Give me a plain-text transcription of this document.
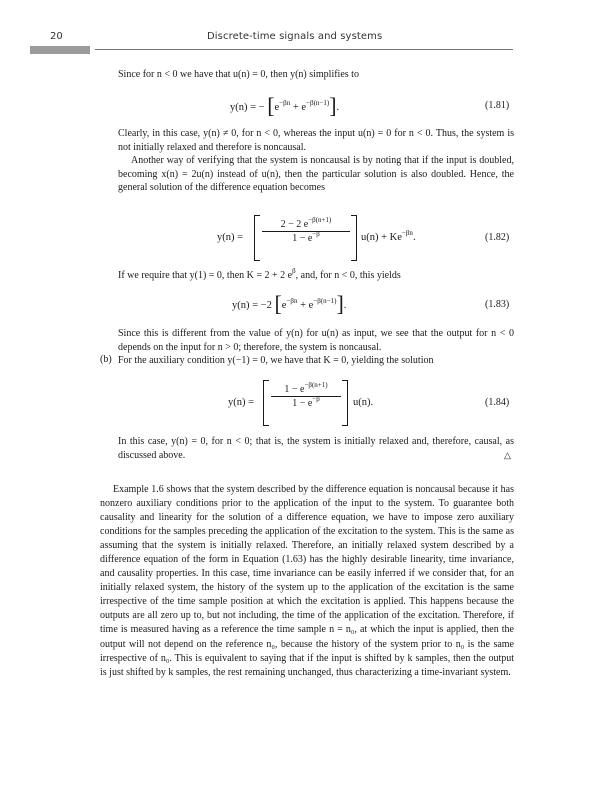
20	Discrete-time signals and systems

Since for n < 0 we have that u(n) = 0, then y(n) simplifies to

y(n) = − $[e^{-\beta n} + e^{-\beta(n-1)}]$.	(1.81)

Clearly, in this case, y(n) ≠ 0, for n < 0, whereas the input u(n) = 0 for n < 0. Thus, the system is not initially relaxed and therefore is noncausal.

Another way of verifying that the system is noncausal is by noting that if the input is doubled, becoming x(n) = 2u(n) instead of u(n), then the particular solution is also doubled. Hence, the general solution of the difference equation becomes

$y(n) = \frac{2 - 2 e^{-\beta(n+1)}}{1 - e^{-\beta}} u(n) + Ke^{-\beta n}$.	(1.82)

If we require that y(1) = 0, then K = 2 + 2 $e^\beta$, and, for n < 0, this yields

y(n) = −2 $[e^{-\beta n} + e^{-\beta(n-1)}]$.	(1.83)

Since this is different from the value of y(n) for u(n) as input, we see that the output for n < 0 depends on the input for n > 0; therefore, the system is noncausal.

(b) For the auxiliary condition y(−1) = 0, we have that K = 0, yielding the solution

$y(n) = \frac{1 - e^{-\beta(n+1)}}{1 - e^{-\beta}} u(n)$.	(1.84)

In this case, y(n) = 0, for n < 0; that is, the system is initially relaxed and, therefore, causal, as discussed above.	△

Example 1.6 shows that the system described by the difference equation is noncausal because it has nonzero auxiliary conditions prior to the application of the input to the system. To guarantee both causality and linearity for the solution of a difference equation, we have to impose zero auxiliary conditions for the samples preceding the application of the excitation to the system. This is the same as assuming that the system is initially relaxed. Therefore, an initially relaxed system described by a difference equation of the form in Equation (1.63) has the highly desirable linearity, time invariance, and causality properties. In this case, time invariance can be easily inferred if we consider that, for an initially relaxed system, the history of the system up to the application of the excitation is the same irrespective of the time sample position at which the excitation is applied. This happens because the outputs are all zero up to, but not including, the time of the application of the excitation. Therefore, if time is measured having as a reference the time sample n = n₀, at which the input is applied, then the output will not depend on the reference n₀, because the history of the system prior to n₀ is the same irrespective of n₀. This is equivalent to saying that if the input is shifted by k samples, then the output is just shifted by k samples, the rest remaining unchanged, thus characterizing a time-invariant system.
